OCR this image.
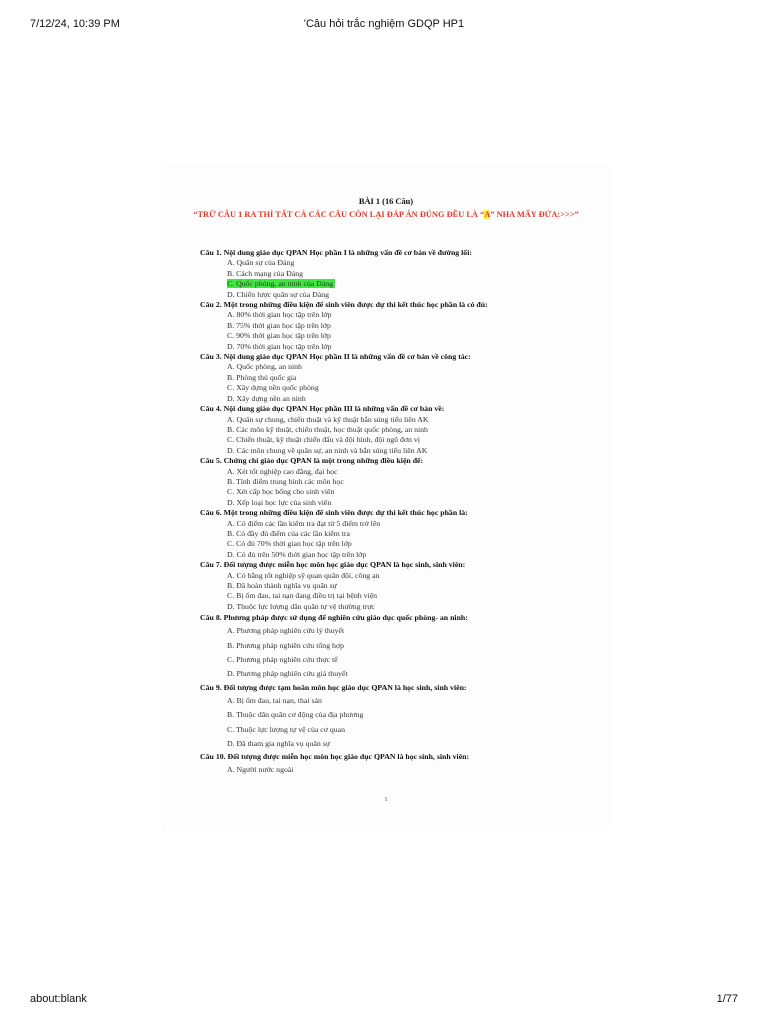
7/12/24, 10:39 PM	'Câu hỏi trắc nghiệm GDQP HP1
BÀI 1 (16 Câu)
“TRỪ CÂU 1 RA THÌ TẤT CẢ CÁC CÂU CÒN LẠI ĐÁP ÁN ĐÚNG ĐỀU LÀ “A” NHA MẤY ĐỨA:>>>”
Câu 1. Nội dung giáo dục QPAN Học phần I là những vấn đề cơ bản về đường lối:
A. Quân sự của Đảng
B. Cách mạng của Đảng
C. Quốc phòng, an ninh của Đảng
D. Chiến lược quân sự của Đảng
Câu 2. Một trong những điều kiện để sinh viên được dự thi kết thúc học phần là có đủ:
A. 80% thời gian học tập trên lớp
B. 75% thời gian học tập trên lớp
C. 90% thời gian học tập trên lớp
D. 70% thời gian học tập trên lớp
Câu 3. Nội dung giáo dục QPAN Học phần II là những vấn đề cơ bản về công tác:
A. Quốc phòng, an ninh
B. Phòng thủ quốc gia
C. Xây dựng nền quốc phòng
D. Xây dựng nền an ninh
Câu 4. Nội dung giáo dục QPAN Học phần III là những vấn đề cơ bản về:
A. Quân sự chung, chiến thuật và kỹ thuật bắn súng tiểu liên AK
B. Các môn kỹ thuật, chiến thuật, học thuật quốc phòng, an ninh
C. Chiến thuật, kỹ thuật chiến đấu và đội hình, đội ngũ đơn vị
D. Các môn chung về quân sự, an ninh và bắn súng tiểu liên AK
Câu 5. Chứng chỉ giáo dục QPAN là một trong những điều kiện để:
A. Xét tốt nghiệp cao đẳng, đại học
B. Tính điểm trung bình các môn học
C. Xét cấp học bổng cho sinh viên
D. Xếp loại học lực của sinh viên
Câu 6. Một trong những điều kiện để sinh viên được dự thi kết thúc học phần là:
A. Có điểm các lần kiểm tra đạt từ 5 điểm trở lên
B. Có đầy đủ điểm của các lần kiểm tra
C. Có đủ 70% thời gian học tập trên lớp
D. Có đủ trên 50% thời gian học tập trên lớp
Câu 7. Đối tượng được miễn học môn học giáo dục QPAN là học sinh, sinh viên:
A. Có bằng tốt nghiệp sỹ quan quân đội, công an
B. Đã hoàn thành nghĩa vụ quân sự
C. Bị ốm đau, tai nạn đang điều trị tại bệnh viện
D. Thuộc lực lượng dân quân tự vệ thường trực
Câu 8. Phương pháp được sử dụng để nghiên cứu giáo dục quốc phòng- an ninh:
A. Phương pháp nghiên cứu lý thuyết
B. Phương pháp nghiên cứu tổng hợp
C. Phương pháp nghiên cứu thực tế
D. Phương pháp nghiên cứu giả thuyết
Câu 9. Đối tượng được tạm hoãn môn học giáo dục QPAN là học sinh, sinh viên:
A. Bị ốm đau, tai nạn, thai sản
B. Thuộc dân quân cơ động của địa phương
C. Thuộc lực lượng tự vệ của cơ quan
D. Đã tham gia nghĩa vụ quân sự
Câu 10. Đối tượng được miễn học môn học giáo dục QPAN là học sinh, sinh viên:
A. Người nước ngoài
1
about:blank	1/77
